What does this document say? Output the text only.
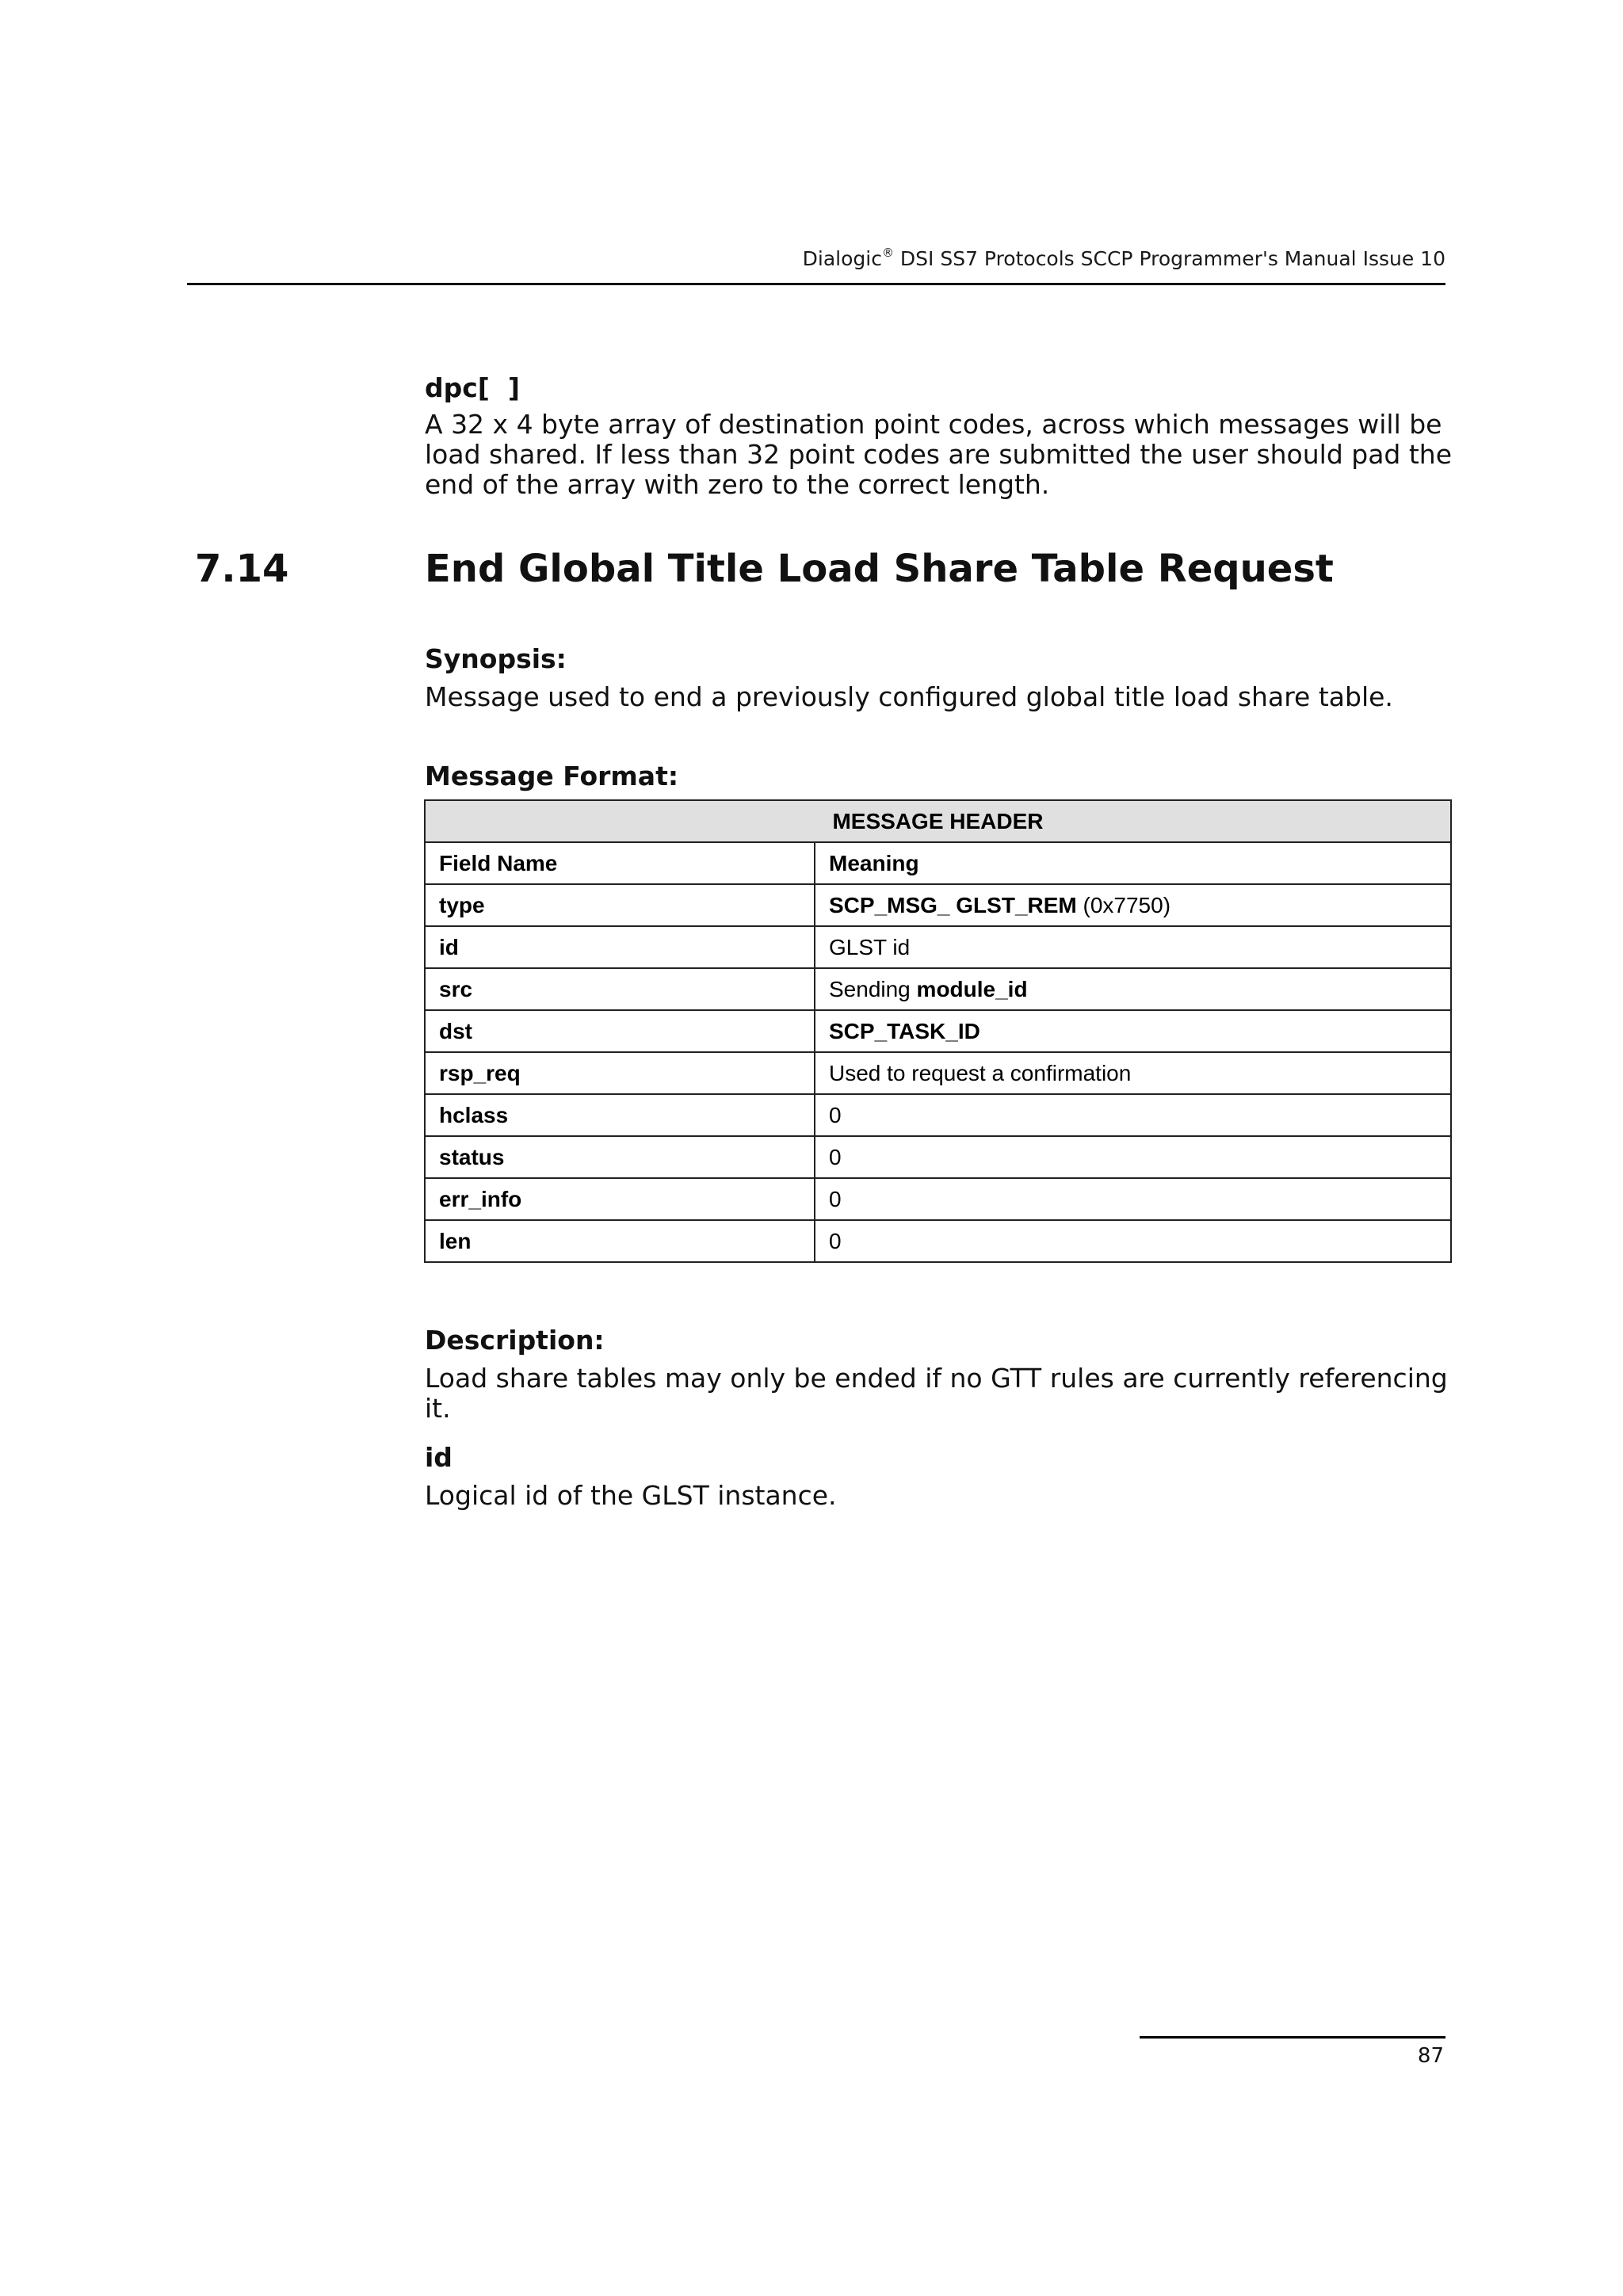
Dialogic® DSI SS7 Protocols SCCP Programmer's Manual Issue 10

dpc[  ]

A 32 x 4 byte array of destination point codes, across which messages will be load shared. If less than 32 point codes are submitted the user should pad the end of the array with zero to the correct length.

7.14	End Global Title Load Share Table Request

Synopsis:

Message used to end a previously configured global title load share table.

Message Format:

MESSAGE HEADER	
Field Name	Meaning
type	SCP_MSG_ GLST_REM (0x7750)
id	GLST id
src	Sending module_id
dst	SCP_TASK_ID
rsp_req	Used to request a confirmation
hclass	0
status	0
err_info	0
len	0

Description:

Load share tables may only be ended if no GTT rules are currently referencing it.

id

Logical id of the GLST instance.

87
